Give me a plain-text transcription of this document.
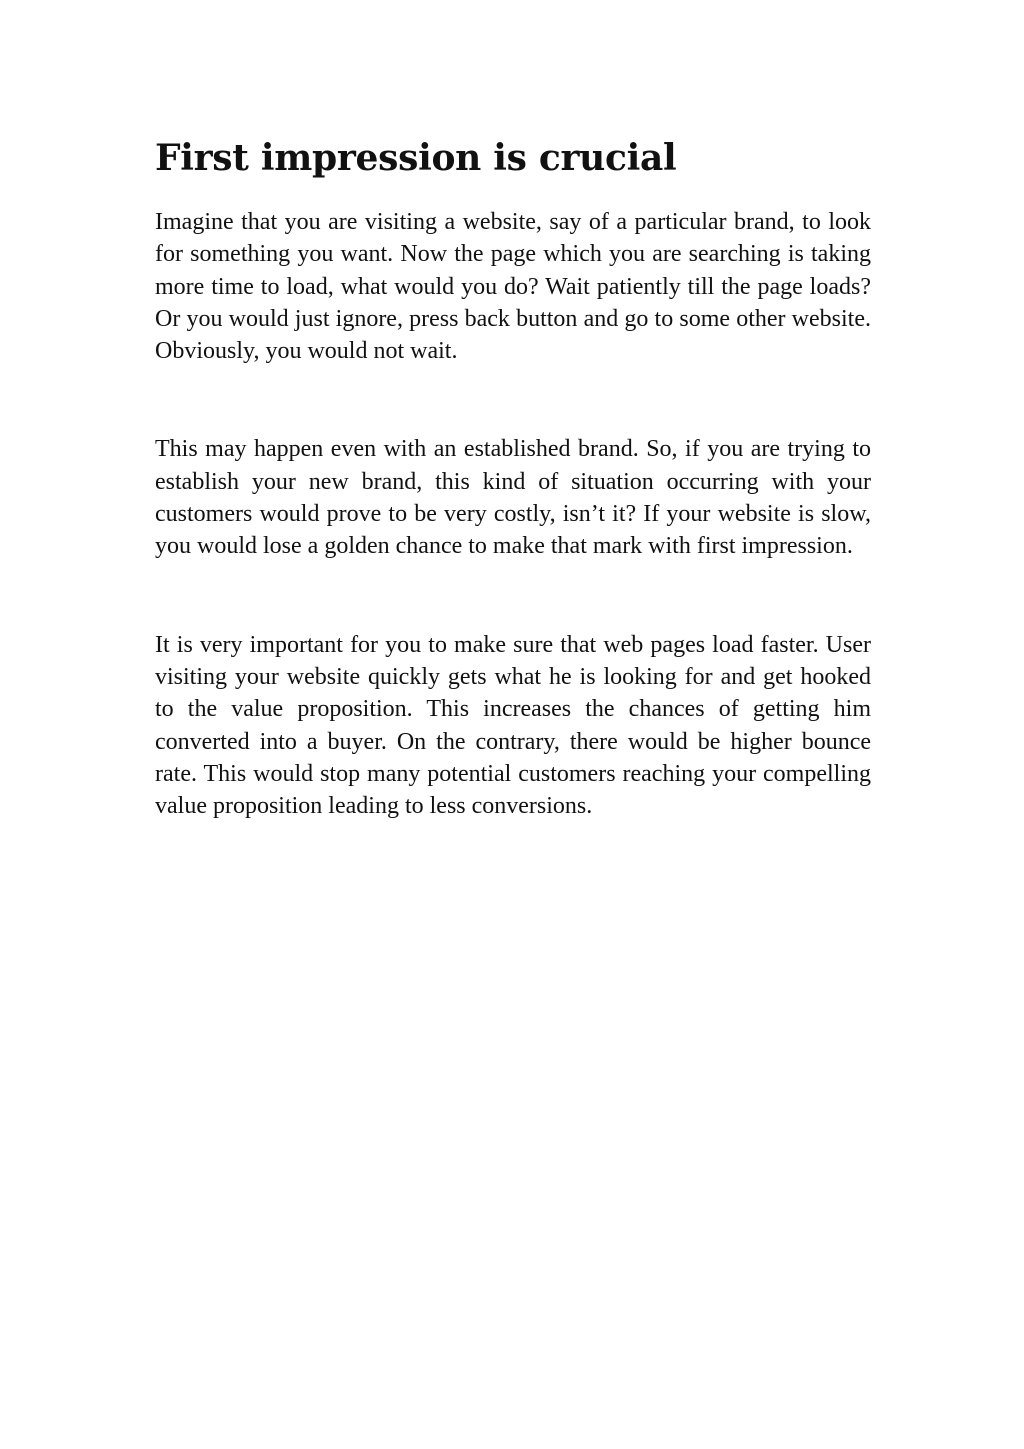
First impression is crucial

Imagine that you are visiting a website, say of a particular brand, to look for something you want. Now the page which you are searching is taking more time to load, what would you do? Wait patiently till the page loads? Or you would just ignore, press back button and go to some other website. Obviously, you would not wait.

This may happen even with an established brand. So, if you are trying to establish your new brand, this kind of situation occurring with your customers would prove to be very costly, isn’t it? If your website is slow, you would lose a golden chance to make that mark with first impression.

It is very important for you to make sure that web pages load faster. User visiting your website quickly gets what he is looking for and get hooked to the value proposition. This increases the chances of getting him converted into a buyer. On the contrary, there would be higher bounce rate. This would stop many potential customers reaching your compelling value proposition leading to less conversions.
